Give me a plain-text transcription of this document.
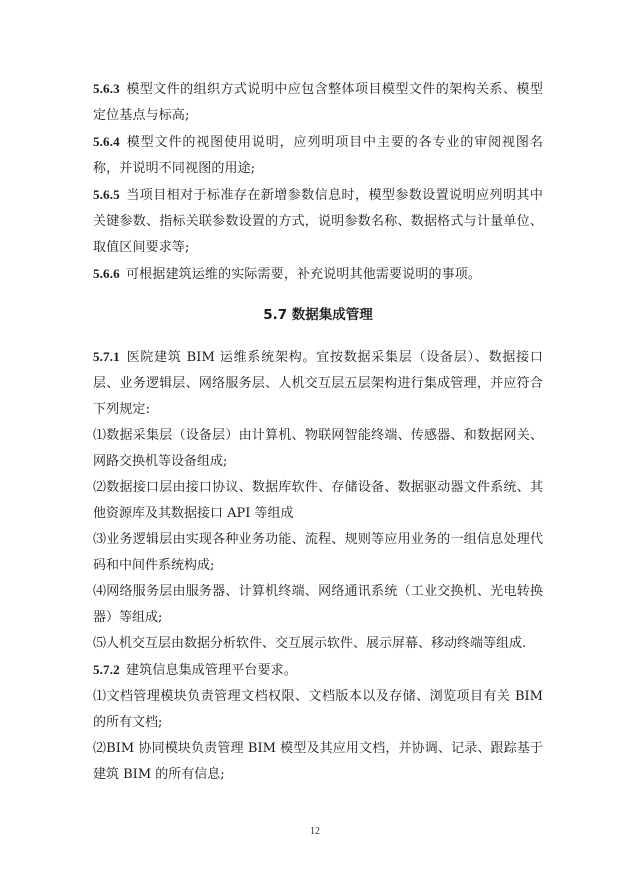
5.6.3 模型文件的组织方式说明中应包含整体项目模型文件的架构关系、模型定位基点与标高;

5.6.4 模型文件的视图使用说明，应列明项目中主要的各专业的审阅视图名称，并说明不同视图的用途;

5.6.5 当项目相对于标准存在新增参数信息时，模型参数设置说明应列明其中关键参数、指标关联参数设置的方式，说明参数名称、数据格式与计量单位、取值区间要求等;

5.6.6 可根据建筑运维的实际需要，补充说明其他需要说明的事项。

5.7 数据集成管理

5.7.1 医院建筑 BIM 运维系统架构。宜按数据采集层（设备层）、数据接口层、业务逻辑层、网络服务层、人机交互层五层架构进行集成管理，并应符合下列规定:

⑴数据采集层（设备层）由计算机、物联网智能终端、传感器、和数据网关、网路交换机等设备组成;

⑵数据接口层由接口协议、数据库软件、存储设备、数据驱动器文件系统、其他资源库及其数据接口 API 等组成

⑶业务逻辑层由实现各种业务功能、流程、规则等应用业务的一组信息处理代码和中间件系统构成;

⑷网络服务层由服务器、计算机终端、网络通讯系统（工业交换机、光电转换器）等组成;

⑸人机交互层由数据分析软件、交互展示软件、展示屏幕、移动终端等组成.

5.7.2 建筑信息集成管理平台要求。

⑴文档管理模块负责管理文档权限、文档版本以及存储、浏览项目有关 BIM 的所有文档;

⑵BIM 协同模块负责管理 BIM 模型及其应用文档，并协调、记录、跟踪基于建筑 BIM 的所有信息;

12
